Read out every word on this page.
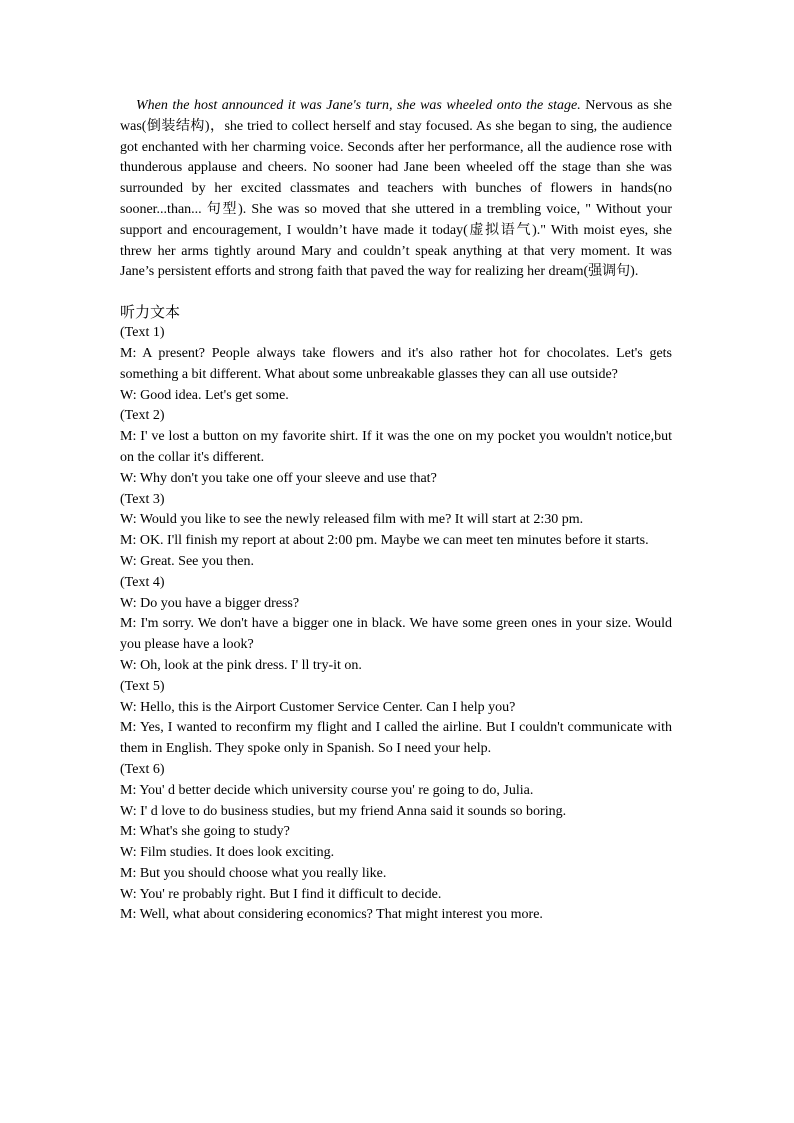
When the host announced it was Jane's turn, she was wheeled onto the stage. Nervous as she was(倒装结构)，she tried to collect herself and stay focused. As she began to sing, the audience got enchanted with her charming voice. Seconds after her performance, all the audience rose with thunderous applause and cheers. No sooner had Jane been wheeled off the stage than she was surrounded by her excited classmates and teachers with bunches of flowers in hands(no sooner...than... 句型). She was so moved that she uttered in a trembling voice, " Without your support and encouragement, I wouldn’t have made it today(虚拟语气)." With moist eyes, she threw her arms tightly around Mary and couldn’t speak anything at that very moment. It was Jane’s persistent efforts and strong faith that paved the way for realizing her dream(强调句).

听力文本
(Text 1)
M: A present? People always take flowers and it's also rather hot for chocolates. Let's gets something a bit different. What about some unbreakable glasses they can all use outside?
W: Good idea. Let's get some.
(Text 2)
M: I' ve lost a button on my favorite shirt. If it was the one on my pocket you wouldn't notice,but on the collar it's different.
W: Why don't you take one off your sleeve and use that?
(Text 3)
W: Would you like to see the newly released film with me? It will start at 2:30 pm.
M: OK. I'll finish my report at about 2:00 pm. Maybe we can meet ten minutes before it starts.
W: Great. See you then.
(Text 4)
W: Do you have a bigger dress?
M: I'm sorry. We don't have a bigger one in black. We have some green ones in your size. Would you please have a look?
W: Oh, look at the pink dress. I' ll try-it on.
(Text 5)
W: Hello, this is the Airport Customer Service Center. Can I help you?
M: Yes, I wanted to reconfirm my flight and I called the airline. But I couldn't communicate with them in English. They spoke only in Spanish. So I need your help.
(Text 6)
M: You' d better decide which university course you' re going to do, Julia.
W: I' d love to do business studies, but my friend Anna said it sounds so boring.
M: What's she going to study?
W: Film studies. It does look exciting.
M: But you should choose what you really like.
W: You' re probably right. But I find it difficult to decide.
M: Well, what about considering economics? That might interest you more.
